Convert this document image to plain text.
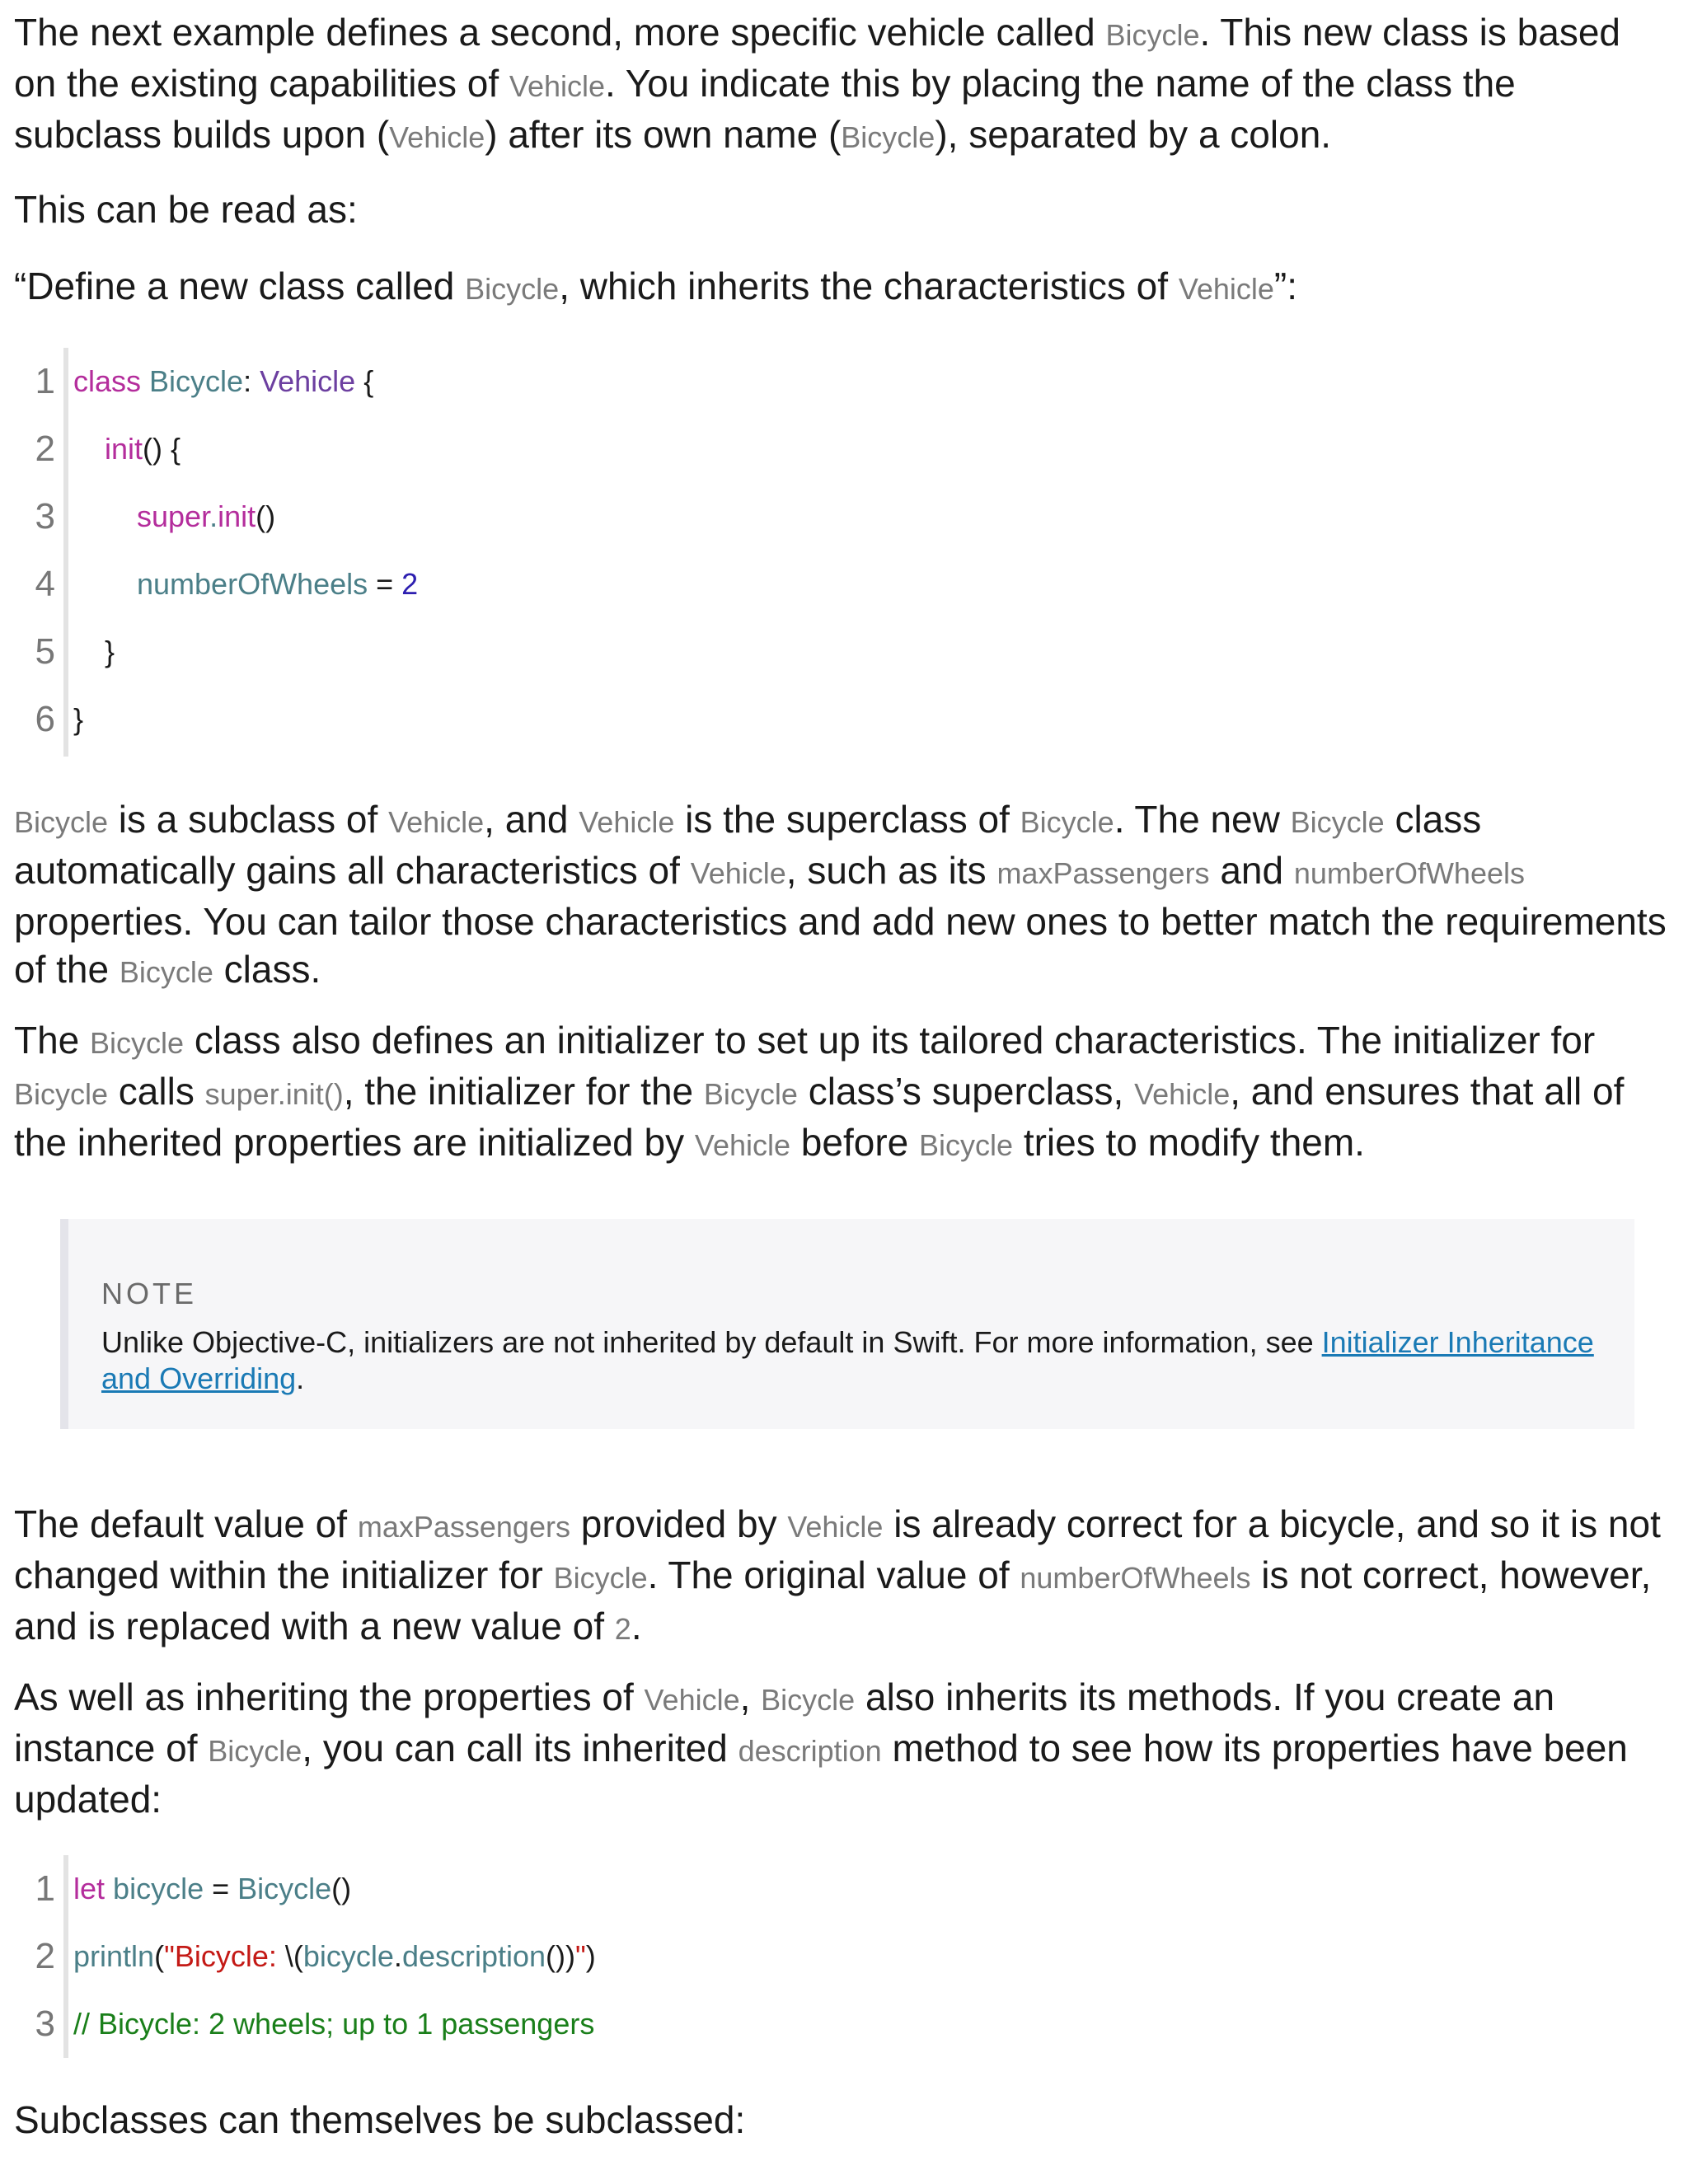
The next example defines a second, more specific vehicle called Bicycle. This new class is based on the existing capabilities of Vehicle. You indicate this by placing the name of the class the subclass builds upon (Vehicle) after its own name (Bicycle), separated by a colon.

This can be read as:

“Define a new class called Bicycle, which inherits the characteristics of Vehicle”:

1 class Bicycle: Vehicle {
2 init() {
3	super.init()
4	numberOfWheels = 2
5 }
6 }

Bicycle is a subclass of Vehicle, and Vehicle is the superclass of Bicycle. The new Bicycle class automatically gains all characteristics of Vehicle, such as its maxPassengers and numberOfWheels properties. You can tailor those characteristics and add new ones to better match the requirements of the Bicycle class.

The Bicycle class also defines an initializer to set up its tailored characteristics. The initializer for Bicycle calls super.init(), the initializer for the Bicycle class’s superclass, Vehicle, and ensures that all of the inherited properties are initialized by Vehicle before Bicycle tries to modify them.

NOTE
Unlike Objective-C, initializers are not inherited by default in Swift. For more information, see Initializer Inheritance and Overriding.

The default value of maxPassengers provided by Vehicle is already correct for a bicycle, and so it is not changed within the initializer for Bicycle. The original value of numberOfWheels is not correct, however, and is replaced with a new value of 2.

As well as inheriting the properties of Vehicle, Bicycle also inherits its methods. If you create an instance of Bicycle, you can call its inherited description method to see how its properties have been updated:

1 let bicycle = Bicycle()
2 println("Bicycle: \(bicycle.description())")
3 // Bicycle: 2 wheels; up to 1 passengers

Subclasses can themselves be subclassed:
